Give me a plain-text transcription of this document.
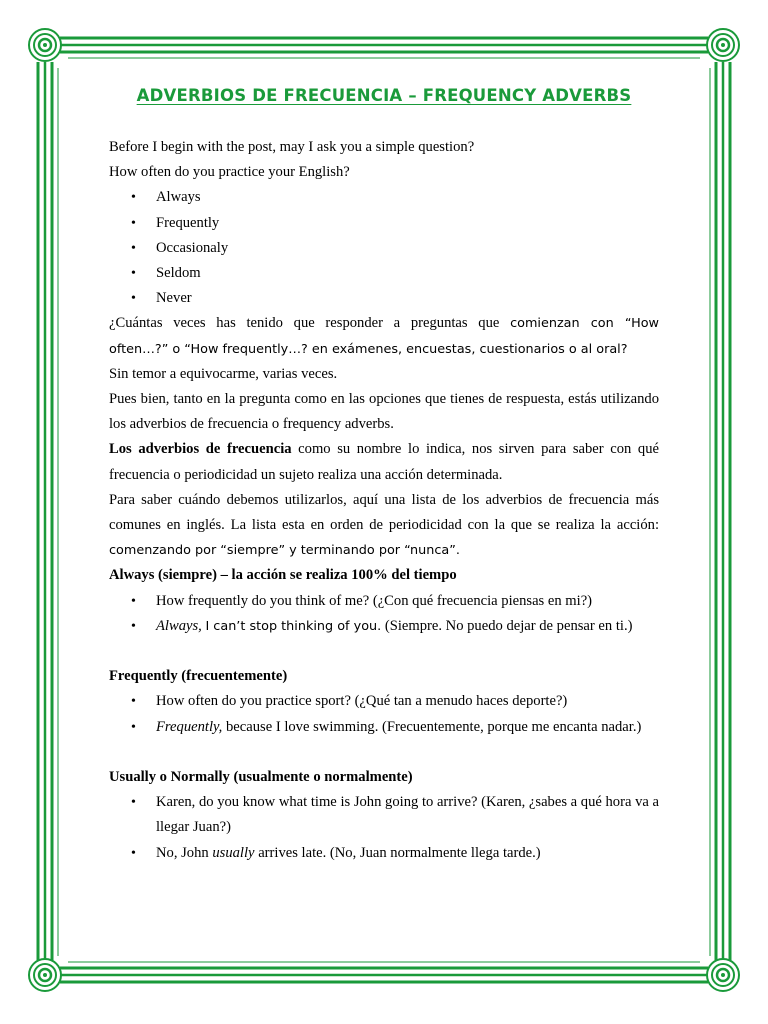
ADVERBIOS DE FRECUENCIA – FREQUENCY ADVERBS

Before I begin with the post, may I ask you a simple question?

How often do you practice your English?

• Always
• Frequently
• Occasionaly
• Seldom
• Never

¿Cuántas veces has tenido que responder a preguntas que comienzan con “How

often…?” o “How frequently…? en exámenes, encuestas, cuestionarios o al oral?

Sin temor a equivocarme, varias veces.

Pues bien, tanto en la pregunta como en las opciones que tienes de respuesta, estás utilizando los adverbios de frecuencia o frequency adverbs.

Los adverbios de frecuencia como su nombre lo indica, nos sirven para saber con qué frecuencia o periodicidad un sujeto realiza una acción determinada.

Para saber cuándo debemos utilizarlos, aquí una lista de los adverbios de frecuencia más comunes en inglés. La lista esta en orden de periodicidad con la que se realiza la acción: comenzando por “siempre” y terminando por “nunca”.

Always (siempre) – la acción se realiza 100% del tiempo

• How frequently do you think of me? (¿Con qué frecuencia piensas en mi?)
• Always, I can’t stop thinking of you. (Siempre. No puedo dejar de pensar en ti.)

Frequently (frecuentemente)

• How often do you practice sport? (¿Qué tan a menudo haces deporte?)
• Frequently, because I love swimming. (Frecuentemente, porque me encanta nadar.)

Usually o Normally (usualmente o normalmente)

• Karen, do you know what time is John going to arrive? (Karen, ¿sabes a qué hora va a llegar Juan?)
• No, John usually arrives late. (No, Juan normalmente llega tarde.)
